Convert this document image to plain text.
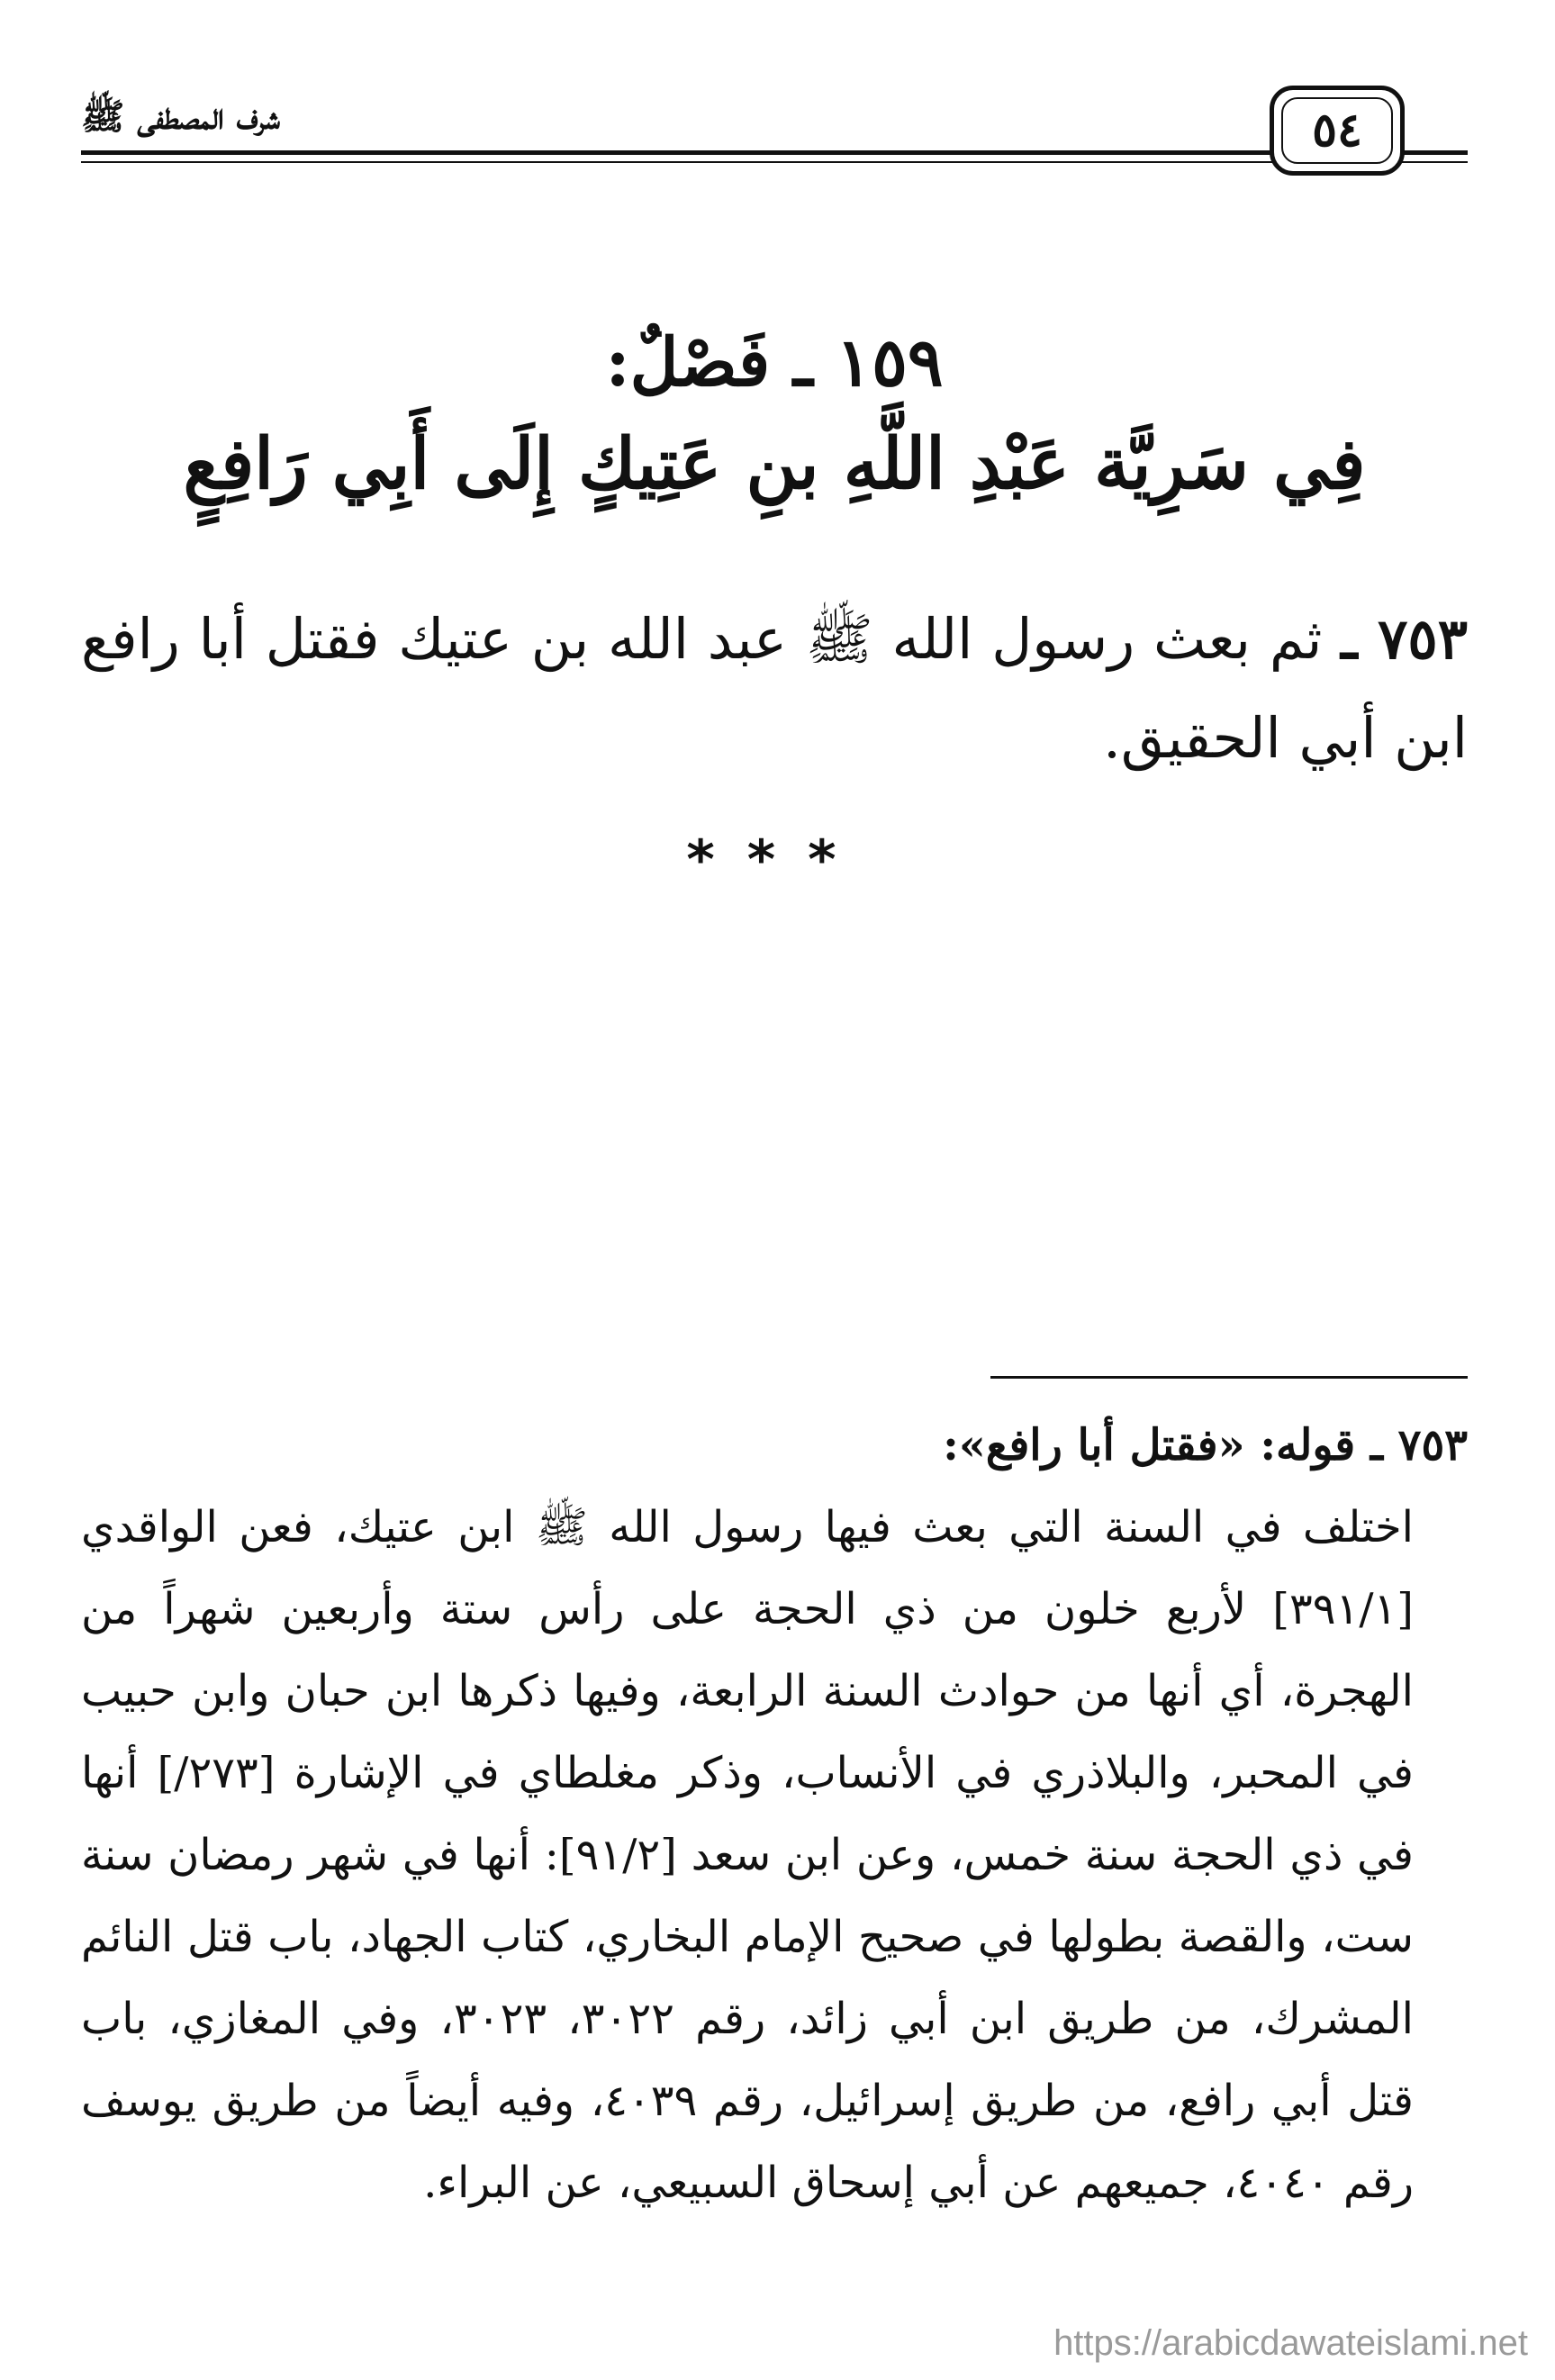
شرف المصطفى ﷺ	٥٤
١٥٩ ـ فَصْلٌ:
فِي سَرِيَّة عَبْدِ اللَّهِ بنِ عَتِيكٍ إِلَى أَبِي رَافِعٍ
٧٥٣ ـ ثم بعث رسول الله ﷺ عبد الله بن عتيك فقتل أبا رافع ابن أبي الحقيق.
***
٧٥٣ ـ قوله: «فقتل أبا رافع»:
اختلف في السنة التي بعث فيها رسول الله ﷺ ابن عتيك، فعن الواقدي [٣٩١/١] لأربع خلون من ذي الحجة على رأس ستة وأربعين شهراً من الهجرة، أي أنها من حوادث السنة الرابعة، وفيها ذكرها ابن حبان وابن حبيب في المحبر، والبلاذري في الأنساب، وذكر مغلطاي في الإشارة [٢٧٣/] أنها في ذي الحجة سنة خمس، وعن ابن سعد [٩١/٢]: أنها في شهر رمضان سنة ست، والقصة بطولها في صحيح الإمام البخاري، كتاب الجهاد، باب قتل النائم المشرك، من طريق ابن أبي زائد، رقم ٣٠٢٢، ٣٠٢٣، وفي المغازي، باب قتل أبي رافع، من طريق إسرائيل، رقم ٤٠٣٩، وفيه أيضاً من طريق يوسف رقم ٤٠٤٠، جميعهم عن أبي إسحاق السبيعي، عن البراء.
https://arabicdawateislami.net
